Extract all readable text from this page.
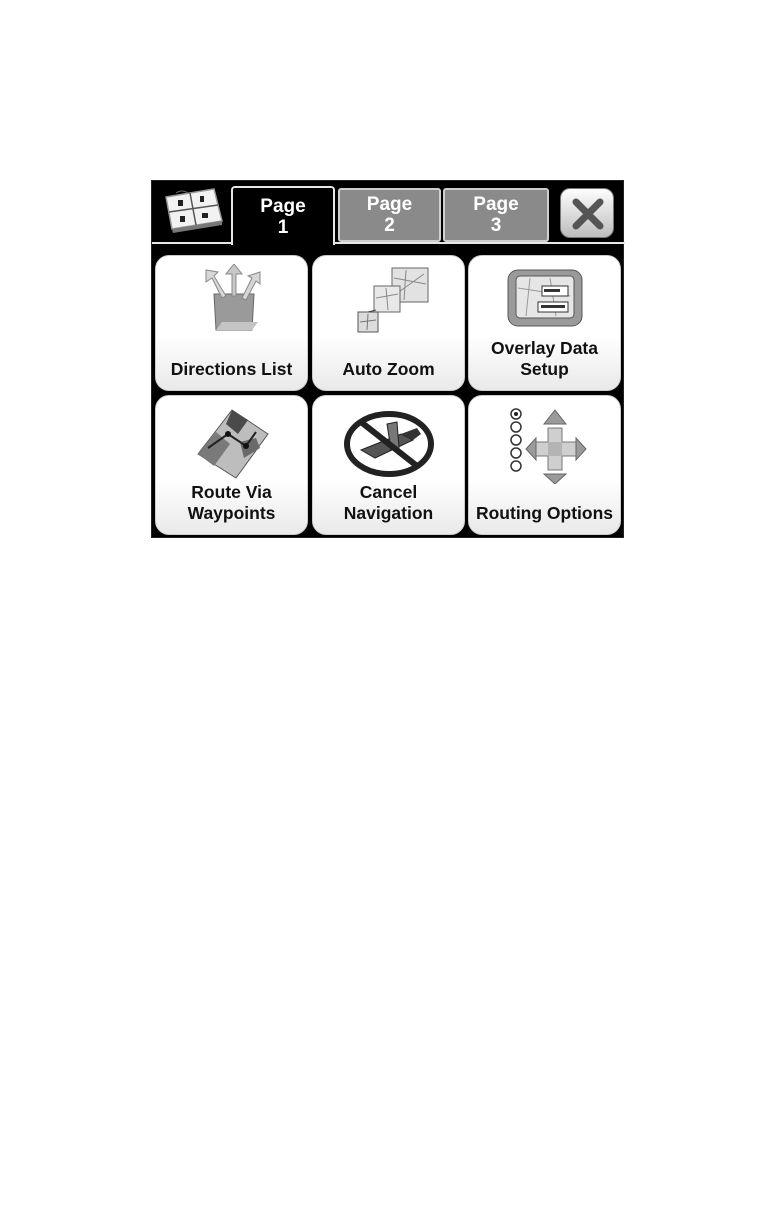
Page
1
Page
2
Page
3
Directions List	Auto Zoom
Overlay Data
Setup
Route Via
Waypoints
Cancel
Navigation	Routing Options
